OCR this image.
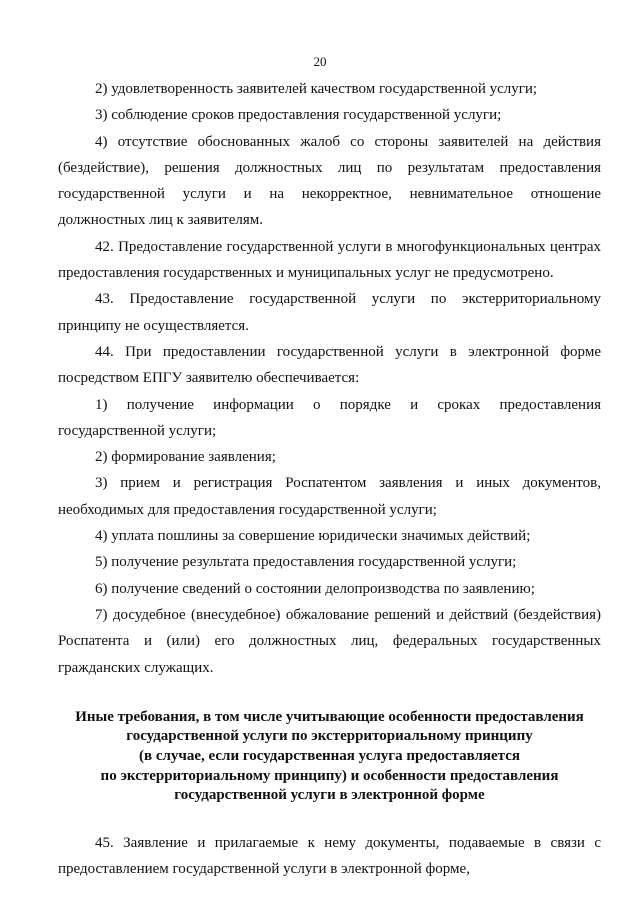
20

2) удовлетворенность заявителей качеством государственной услуги;

3) соблюдение сроков предоставления государственной услуги;

4) отсутствие обоснованных жалоб со стороны заявителей на действия (бездействие), решения должностных лиц по результатам предоставления государственной услуги и на некорректное, невнимательное отношение должностных лиц к заявителям.

42. Предоставление государственной услуги в многофункциональных центрах предоставления государственных и муниципальных услуг не предусмотрено.

43. Предоставление государственной услуги по экстерриториальному принципу не осуществляется.

44. При предоставлении государственной услуги в электронной форме посредством ЕПГУ заявителю обеспечивается:

1) получение информации о порядке и сроках предоставления государственной услуги;

2) формирование заявления;

3) прием и регистрация Роспатентом заявления и иных документов, необходимых для предоставления государственной услуги;

4) уплата пошлины за совершение юридически значимых действий;

5) получение результата предоставления государственной услуги;

6) получение сведений о состоянии делопроизводства по заявлению;

7) досудебное (внесудебное) обжалование решений и действий (бездействия) Роспатента и (или) его должностных лиц, федеральных государственных гражданских служащих.

Иные требования, в том числе учитывающие особенности предоставления
государственной услуги по экстерриториальному принципу
(в случае, если государственная услуга предоставляется
по экстерриториальному принципу) и особенности предоставления
государственной услуги в электронной форме

45. Заявление и прилагаемые к нему документы, подаваемые в связи с предоставлением государственной услуги в электронной форме,
